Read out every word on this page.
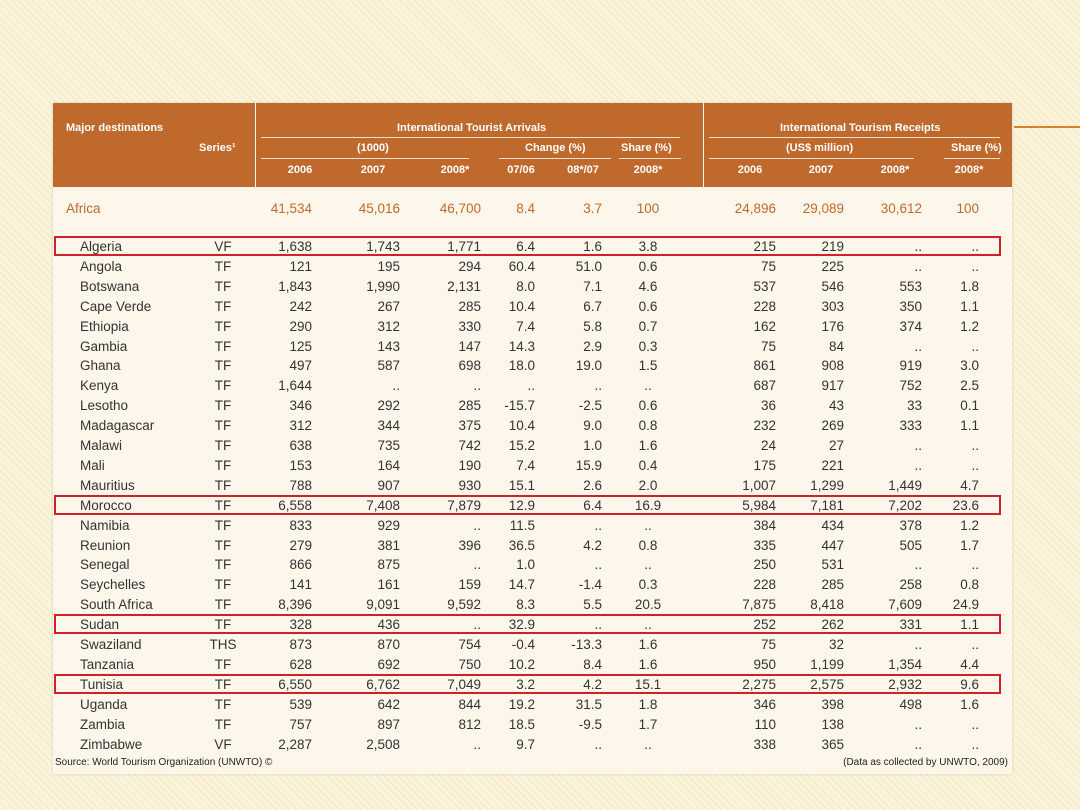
Major destinations
Series¹
International Tourist Arrivals	International Tourism Receipts
(1000)	Change (%)	Share (%)	(US$ million)	Share (%)
2006	2007	2008*	07/06	08*/07	2008*	2006	2007	2008*	2008*
Africa	41,534	45,016	46,700	8.4	3.7	100	24,896	29,089	30,612	100
Algeria	VF	1,638	1,743	1,771	6.4	1.6	3.8	215	219	..	..
Angola	TF	121	195	294	60.4	51.0	0.6	75	225	..	..
Botswana	TF	1,843	1,990	2,131	8.0	7.1	4.6	537	546	553	1.8
Cape Verde	TF	242	267	285	10.4	6.7	0.6	228	303	350	1.1
Ethiopia	TF	290	312	330	7.4	5.8	0.7	162	176	374	1.2
Gambia	TF	125	143	147	14.3	2.9	0.3	75	84	..	..
Ghana	TF	497	587	698	18.0	19.0	1.5	861	908	919	3.0
Kenya	TF	1,644	..	..	..	..	..	687	917	752	2.5
Lesotho	TF	346	292	285	-15.7	-2.5	0.6	36	43	33	0.1
Madagascar	TF	312	344	375	10.4	9.0	0.8	232	269	333	1.1
Malawi	TF	638	735	742	15.2	1.0	1.6	24	27	..	..
Mali	TF	153	164	190	7.4	15.9	0.4	175	221	..	..
Mauritius	TF	788	907	930	15.1	2.6	2.0	1,007	1,299	1,449	4.7
Morocco	TF	6,558	7,408	7,879	12.9	6.4	16.9	5,984	7,181	7,202	23.6
Namibia	TF	833	929	..	11.5	..	..	384	434	378	1.2
Reunion	TF	279	381	396	36.5	4.2	0.8	335	447	505	1.7
Senegal	TF	866	875	..	1.0	..	..	250	531	..	..
Seychelles	TF	141	161	159	14.7	-1.4	0.3	228	285	258	0.8
South Africa	TF	8,396	9,091	9,592	8.3	5.5	20.5	7,875	8,418	7,609	24.9
Sudan	TF	328	436	..	32.9	..	..	252	262	331	1.1
Swaziland	THS	873	870	754	-0.4	-13.3	1.6	75	32	..	..
Tanzania	TF	628	692	750	10.2	8.4	1.6	950	1,199	1,354	4.4
Tunisia	TF	6,550	6,762	7,049	3.2	4.2	15.1	2,275	2,575	2,932	9.6
Uganda	TF	539	642	844	19.2	31.5	1.8	346	398	498	1.6
Zambia	TF	757	897	812	18.5	-9.5	1.7	110	138	..	..
Zimbabwe	VF	2,287	2,508	..	9.7	..	..	338	365	..	..
Source: World Tourism Organization (UNWTO) ©	(Data as collected by UNWTO, 2009)
